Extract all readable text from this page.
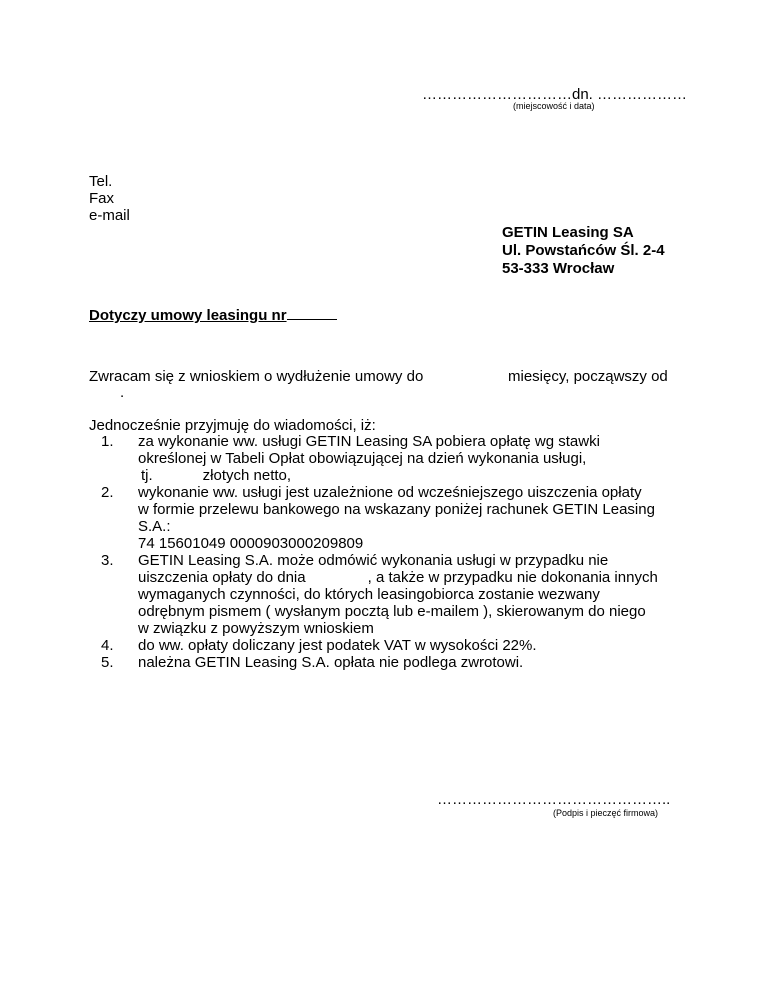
…………………………dn. ………………
(miejscowość i data)
Tel.
Fax
e-mail
GETIN Leasing SA
Ul. Powstańców Śl. 2-4
53-333 Wrocław
Dotyczy umowy leasingu nr
Zwracam się z wnioskiem o wydłużenie umowy do	miesięcy, począwszy od
.
Jednocześnie przyjmuję do wiadomości, iż:
1. za wykonanie ww. usługi GETIN Leasing SA pobiera opłatę wg stawki
określonej w Tabeli Opłat obowiązującej na dzień wykonania usługi,
tj.	złotych netto,
2. wykonanie ww. usługi jest uzależnione od wcześniejszego uiszczenia opłaty
w formie przelewu bankowego na wskazany poniżej rachunek GETIN Leasing
S.A.:
74 15601049 0000903000209809
3. GETIN Leasing S.A. może odmówić wykonania usługi w przypadku nie
uiszczenia opłaty do dnia	, a także w przypadku nie dokonania innych
wymaganych czynności, do których leasingobiorca zostanie wezwany
odrębnym pismem ( wysłanym pocztą lub e-mailem ), skierowanym do niego
w związku z powyższym wnioskiem
4. do ww. opłaty doliczany jest podatek VAT w wysokości 22%.
5. należna GETIN Leasing S.A. opłata nie podlega zwrotowi.
………………………………………..
(Podpis i pieczęć firmowa)
